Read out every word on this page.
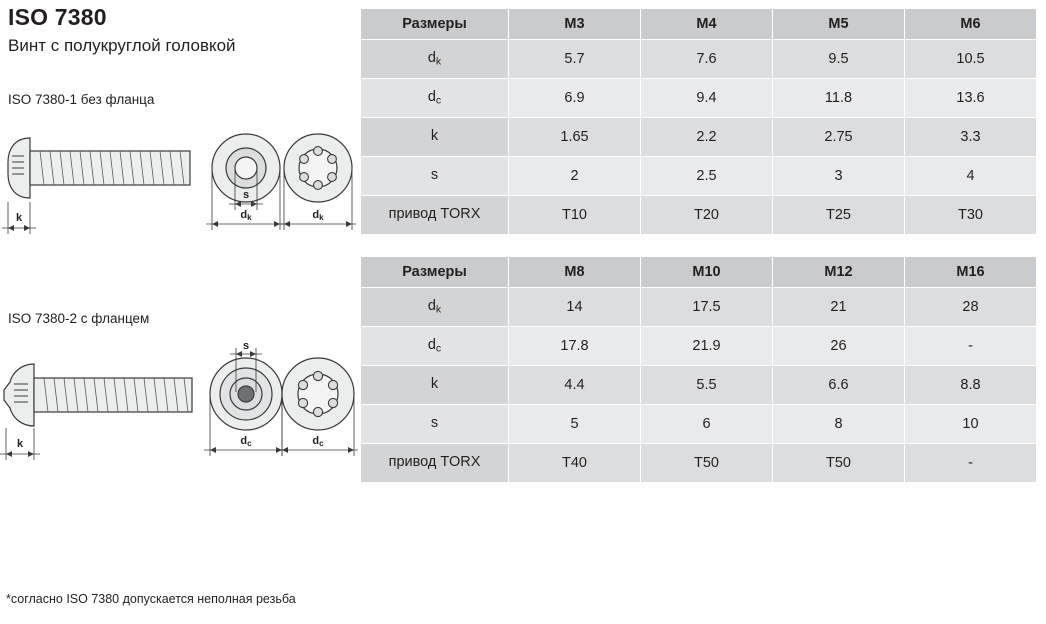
ISO 7380
Винт с полукруглой головкой
ISO 7380-1 без фланца
k
s
dk	dk
ISO 7380-2 с фланцем
k
s
dc	dc
*согласно ISO 7380 допускается неполная резьба
Размеры	M3	M4	M5	M6
$d_k$	5.7	7.6	9.5	10.5
$d_c$	6.9	9.4	11.8	13.6
k	1.65	2.2	2.75	3.3
s	2	2.5	3	4
привод TORX	T10	T20	T25	T30
Размеры	M8	M10	M12	M16
$d_k$	14	17.5	21	28
$d_c$	17.8	21.9	26	-
k	4.4	5.5	6.6	8.8
s	5	6	8	10
привод TORX	T40	T50	T50	-
